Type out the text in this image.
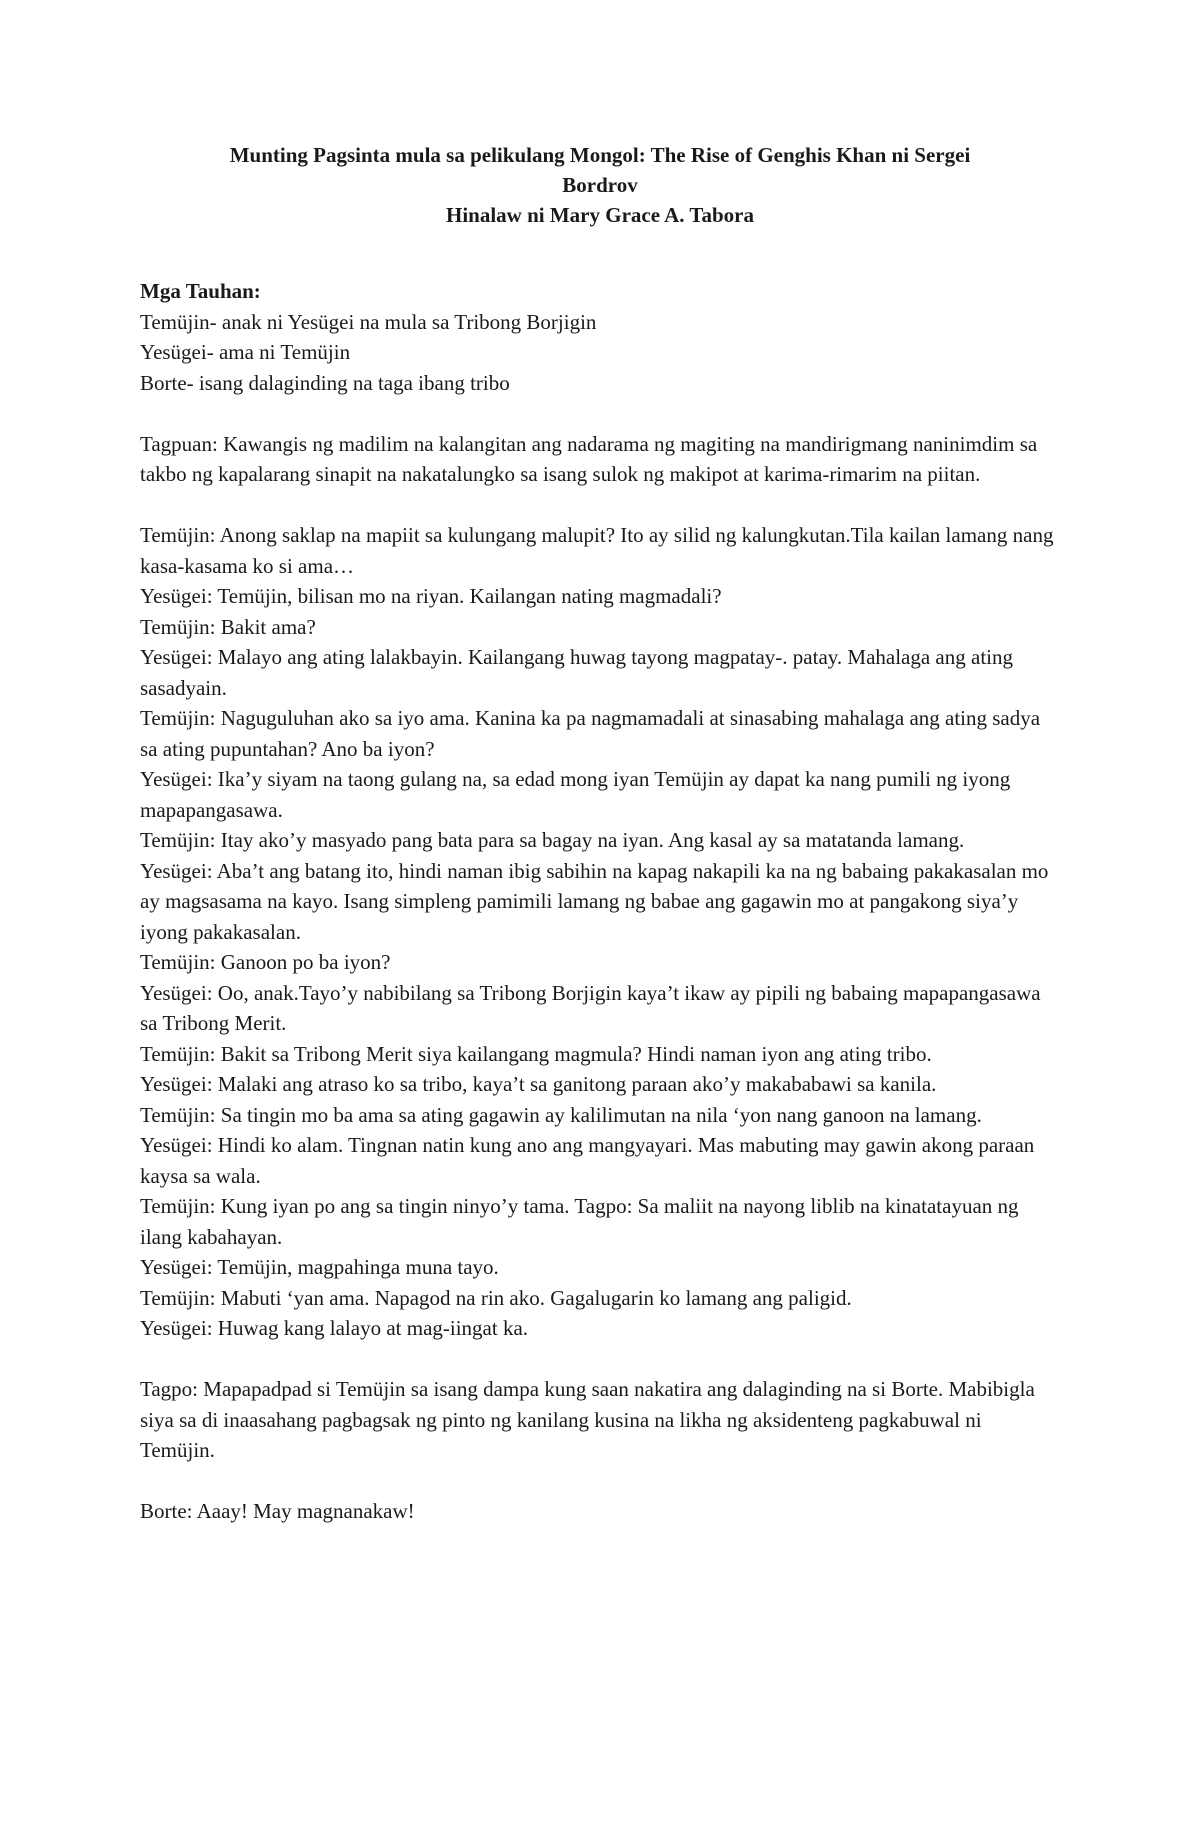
Munting Pagsinta mula sa pelikulang Mongol: The Rise of Genghis Khan ni Sergei
Bordrov
Hinalaw ni Mary Grace A. Tabora

Mga Tauhan:

Temüjin- anak ni Yesügei na mula sa Tribong Borjigin

Yesügei- ama ni Temüjin

Borte- isang dalaginding na taga ibang tribo

Tagpuan: Kawangis ng madilim na kalangitan ang nadarama ng magiting na mandirigmang naninimdim sa takbo ng kapalarang sinapit na nakatalungko sa isang sulok ng makipot at karima-rimarim na piitan.

Temüjin: Anong saklap na mapiit sa kulungang malupit? Ito ay silid ng kalungkutan.Tila kailan lamang nang kasa-kasama ko si ama…

Yesügei: Temüjin, bilisan mo na riyan. Kailangan nating magmadali?

Temüjin: Bakit ama?

Yesügei: Malayo ang ating lalakbayin. Kailangang huwag tayong magpatay-. patay. Mahalaga ang ating sasadyain.

Temüjin: Naguguluhan ako sa iyo ama. Kanina ka pa nagmamadali at sinasabing mahalaga ang ating sadya sa ating pupuntahan? Ano ba iyon?

Yesügei: Ika’y siyam na taong gulang na, sa edad mong iyan Temüjin ay dapat ka nang pumili ng iyong mapapangasawa.

Temüjin: Itay ako’y masyado pang bata para sa bagay na iyan. Ang kasal ay sa matatanda lamang.

Yesügei: Aba’t ang batang ito, hindi naman ibig sabihin na kapag nakapili ka na ng babaing pakakasalan mo ay magsasama na kayo. Isang simpleng pamimili lamang ng babae ang gagawin mo at pangakong siya’y iyong pakakasalan.

Temüjin: Ganoon po ba iyon?

Yesügei: Oo, anak.Tayo’y nabibilang sa Tribong Borjigin kaya’t ikaw ay pipili ng babaing mapapangasawa sa Tribong Merit.

Temüjin: Bakit sa Tribong Merit siya kailangang magmula? Hindi naman iyon ang ating tribo.

Yesügei: Malaki ang atraso ko sa tribo, kaya’t sa ganitong paraan ako’y makababawi sa kanila.

Temüjin: Sa tingin mo ba ama sa ating gagawin ay kalilimutan na nila ‘yon nang ganoon na lamang.

Yesügei: Hindi ko alam. Tingnan natin kung ano ang mangyayari. Mas mabuting may gawin akong paraan kaysa sa wala.

Temüjin: Kung iyan po ang sa tingin ninyo’y tama. Tagpo: Sa maliit na nayong liblib na kinatatayuan ng ilang kabahayan.

Yesügei: Temüjin, magpahinga muna tayo.

Temüjin: Mabuti ‘yan ama. Napagod na rin ako. Gagalugarin ko lamang ang paligid.

Yesügei: Huwag kang lalayo at mag-iingat ka.

Tagpo: Mapapadpad si Temüjin sa isang dampa kung saan nakatira ang dalaginding na si Borte. Mabibigla siya sa di inaasahang pagbagsak ng pinto ng kanilang kusina na likha ng aksidenteng pagkabuwal ni Temüjin.

Borte: Aaay! May magnanakaw!
